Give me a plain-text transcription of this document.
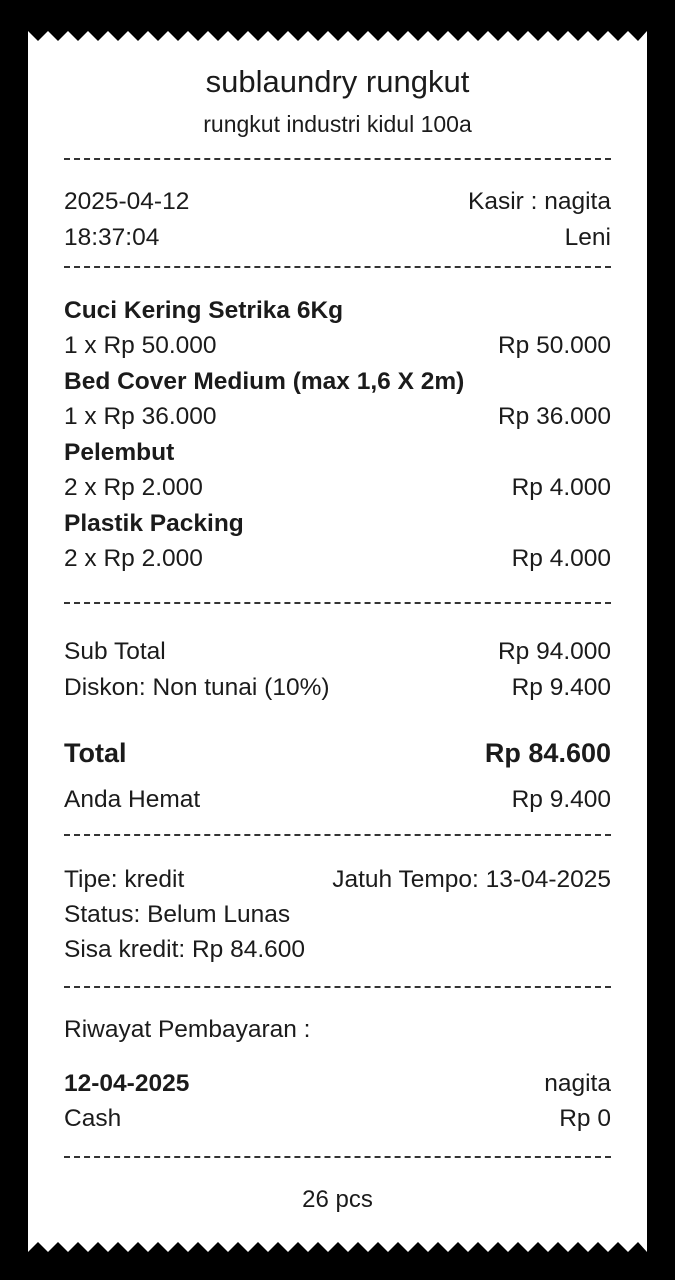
sublaundry rungkut
rungkut industri kidul 100a
2025-04-12	Kasir : nagita
18:37:04	Leni
Cuci Kering Setrika 6Kg
1 x Rp 50.000	Rp 50.000
Bed Cover Medium (max 1,6 X 2m)
1 x Rp 36.000	Rp 36.000
Pelembut
2 x Rp 2.000	Rp 4.000
Plastik Packing
2 x Rp 2.000	Rp 4.000
Sub Total	Rp 94.000
Diskon: Non tunai (10%)	Rp 9.400
Total	Rp 84.600
Anda Hemat	Rp 9.400
Tipe: kredit	Jatuh Tempo: 13-04-2025
Status: Belum Lunas
Sisa kredit: Rp 84.600
Riwayat Pembayaran :
12-04-2025	nagita
Cash	Rp 0
26 pcs
